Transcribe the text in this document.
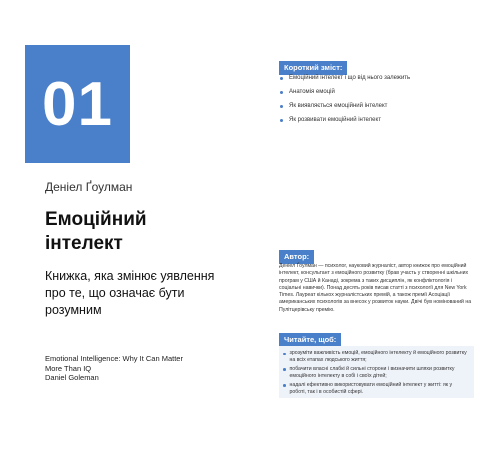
01
Деніел Ґоулман
Емоційний інтелект
Книжка, яка змінює уявлення про те, що означає бути розумним
Emotional Intelligence: Why It Can Matter
More Than IQ
Daniel Goleman
Короткий зміст:
Емоційний інтелект і що від нього залежить
Анатомія емоцій
Як виявляється емоційний інтелект
Як розвивати емоційний інтелект
Автор:
Деніел Ґоулман — психолог, науковий журналіст, автор книжок про емоційний інтелект, консультант з емоційного розвитку (брав участь у створенні шкільних програм у США й Канаді, зокрема з таких дисциплін, як конфліктологія і соціальні навички). Понад десять років писав статті з психології для New York Times. Лауреат кількох журналістських премій, а також премії Асоціації американських психологів за внесок у розвиток науки. Двічі був номінований на Пулітцерівську премію.
Читайте, щоб:
зрозуміти важливість емоцій, емоційного інтелекту й емоційного розвитку на всіх етапах людського життя;
побачити власні слабкі й сильні сторони і визначити шляхи розвитку емоційного інтелекту в собі і своїх дітей;
надалі ефективно використовувати емоційний інтелект у житті: як у роботі, так і в особистій сфері.
